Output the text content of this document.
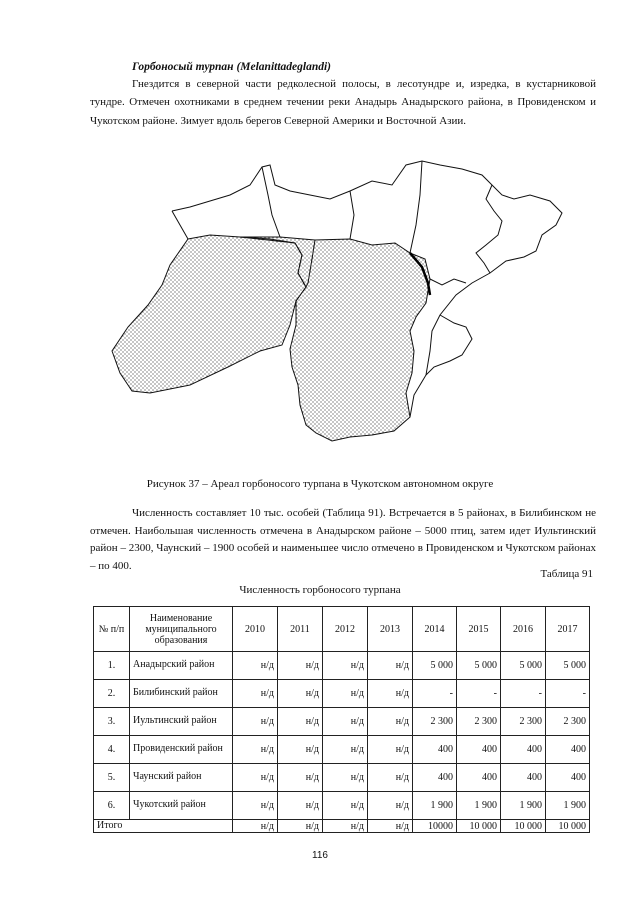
Горбоносый турпан (Melanittadeglandi)

Гнездится в северной части редколесной полосы, в лесотундре и, изредка, в кустарниковой тундре. Отмечен охотниками в среднем течении реки Анадырь Анадырского района, в Провиденском и Чукотском районе. Зимует вдоль берегов Северной Америки и Восточной Азии.

Рисунок 37 – Ареал горбоносого турпана в Чукотском автономном округе

Численность составляет 10 тыс. особей (Таблица 91). Встречается в 5 районах, в Билибинском не отмечен. Наибольшая численность отмечена в Анадырском районе – 5000 птиц, затем идет Иультинский район – 2300, Чаунский – 1900 особей и наименьшее число отмечено в Провиденском и Чукотском районах – по 400.

Таблица 91

Численность горбоносого турпана

№ п/п	Наименование муниципального образования	2010	2011	2012	2013	2014	2015	2016	2017
1.	Анадырский район	н/д	н/д	н/д	н/д	5 000	5 000	5 000	5 000
2.	Билибинский район	н/д	н/д	н/д	н/д	-	-	-	-
3.	Иультинский район	н/д	н/д	н/д	н/д	2 300	2 300	2 300	2 300
4.	Провиденский район	н/д	н/д	н/д	н/д	400	400	400	400
5.	Чаунский район	н/д	н/д	н/д	н/д	400	400	400	400
6.	Чукотский район	н/д	н/д	н/д	н/д	1 900	1 900	1 900	1 900
Итого		н/д	н/д	н/д	н/д	10000	10 000	10 000	10 000

116
